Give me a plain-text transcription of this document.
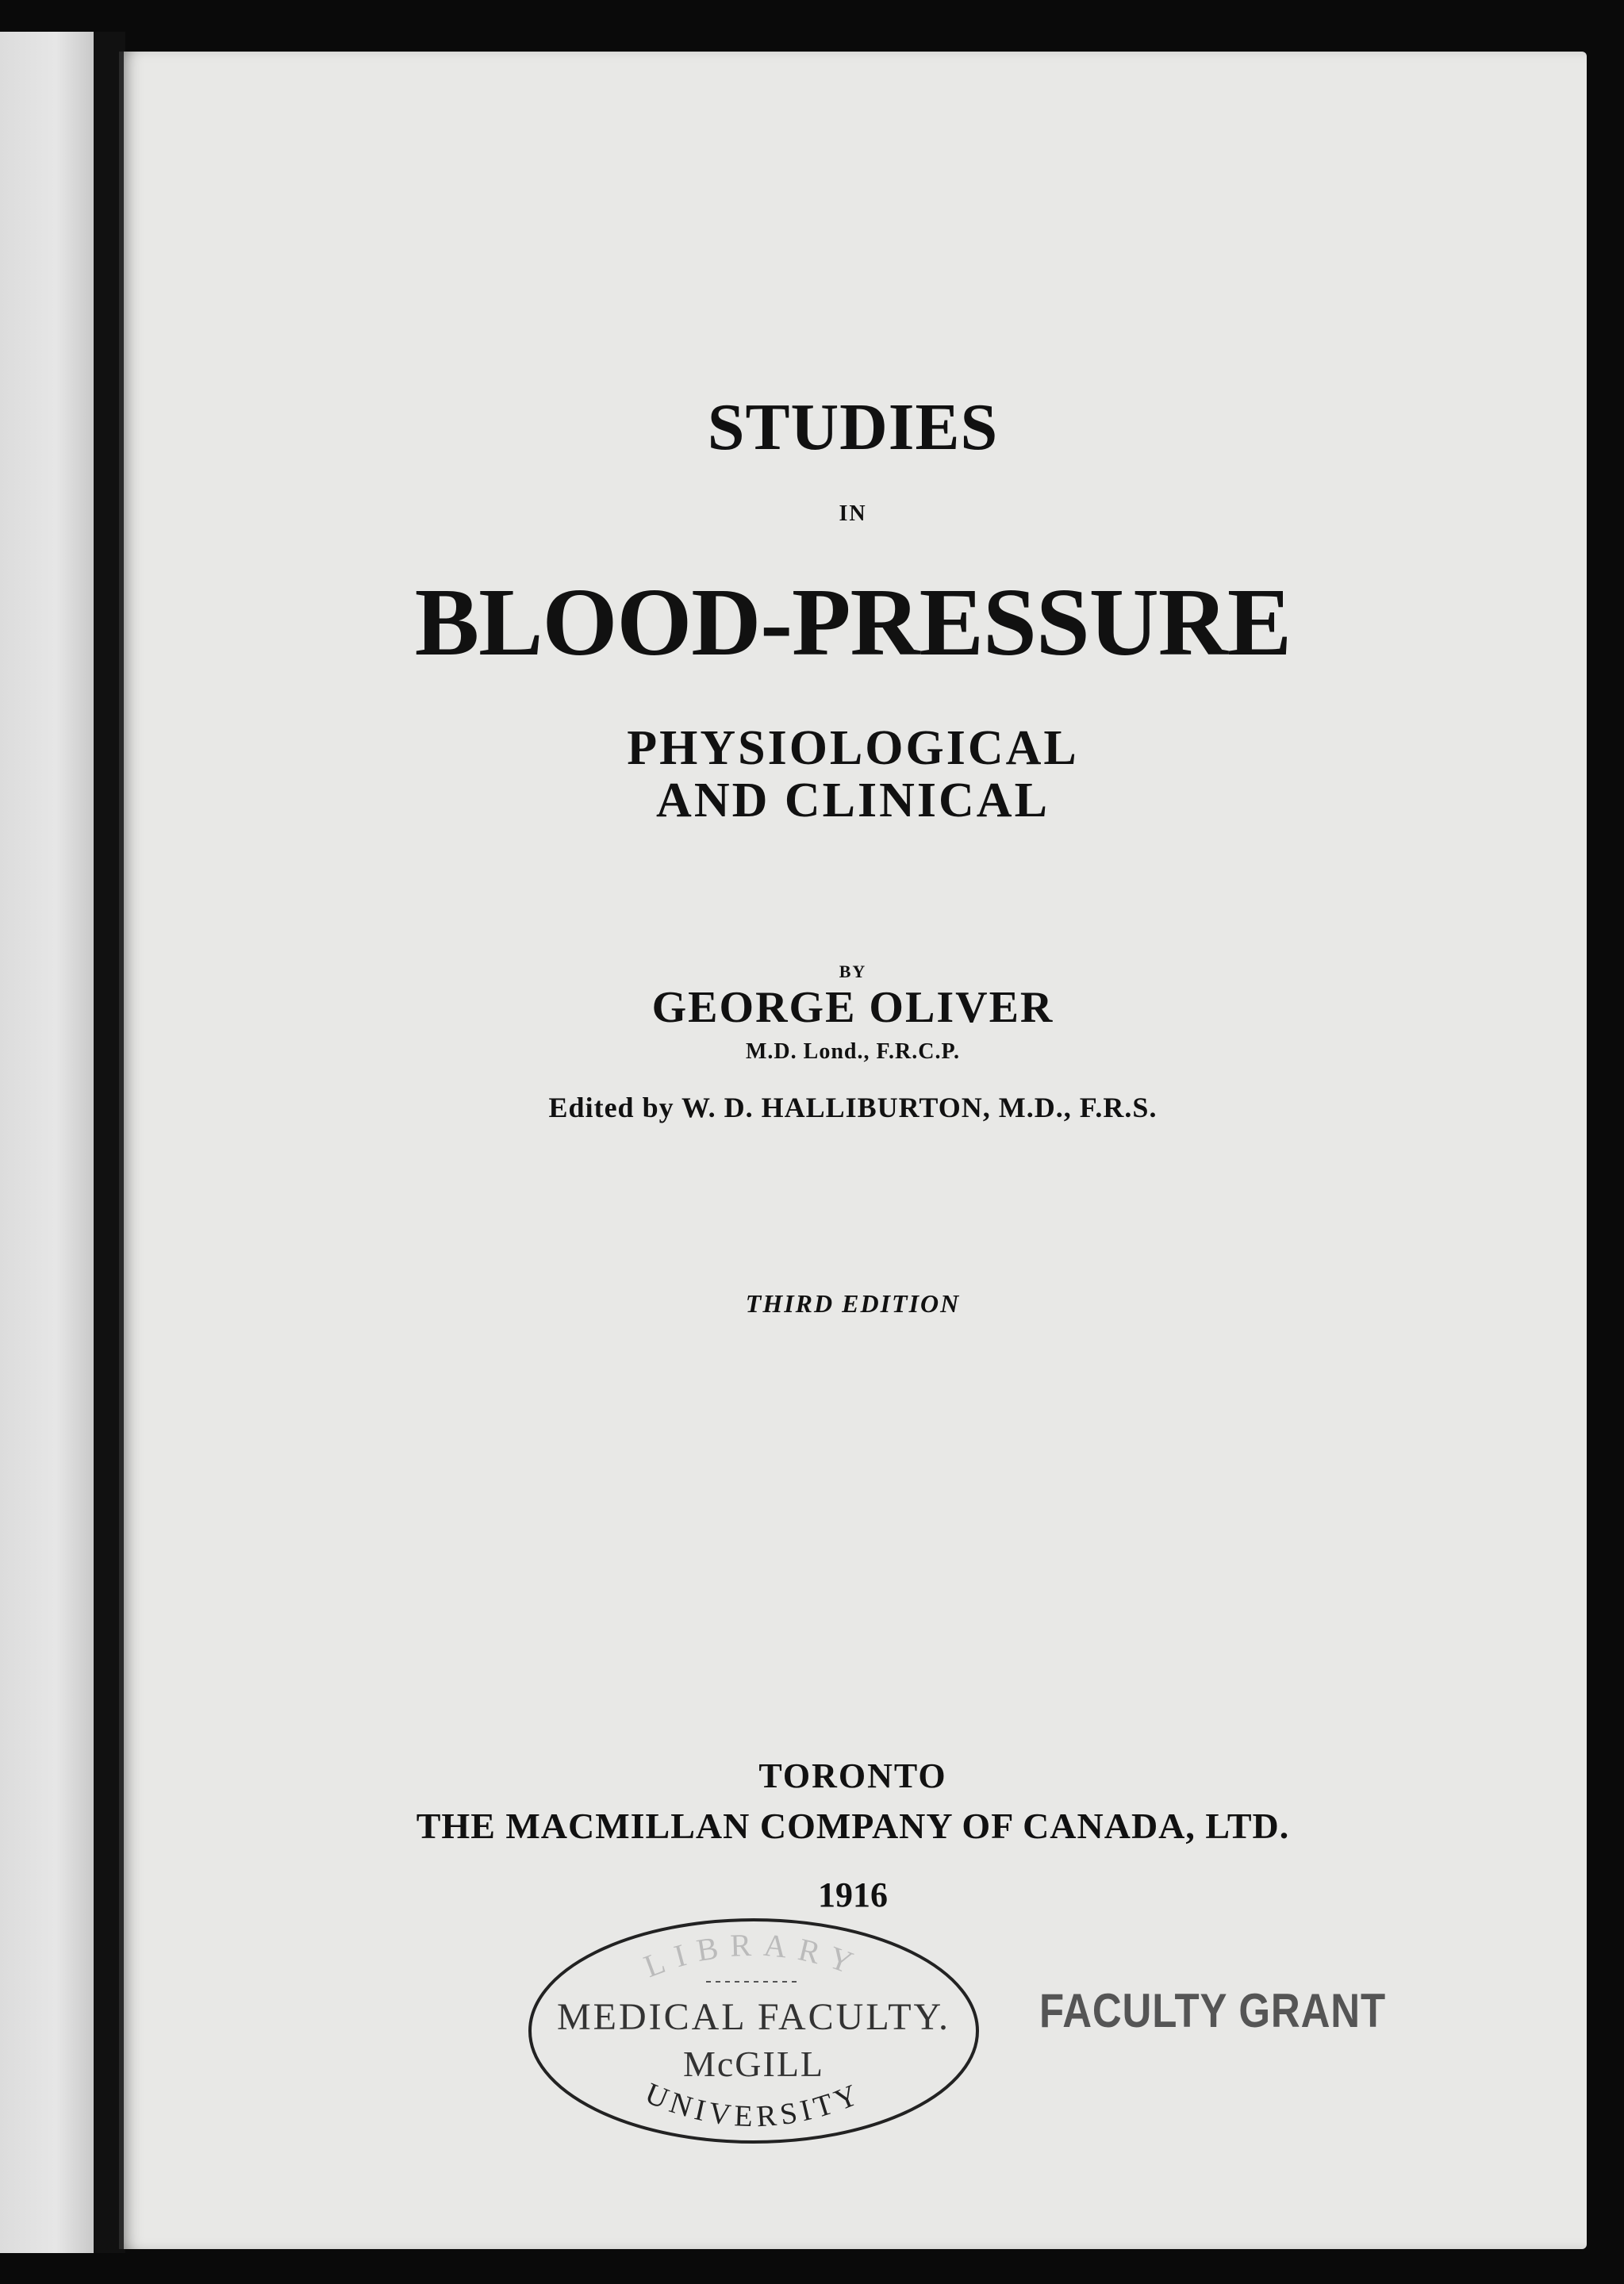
STUDIES
IN
BLOOD-PRESSURE
PHYSIOLOGICAL
AND CLINICAL
BY
GEORGE OLIVER
M.D. Lond., F.R.C.P.
Edited by W. D. HALLIBURTON, M.D., F.R.S.
THIRD EDITION
TORONTO
THE MACMILLAN COMPANY OF CANADA, LTD.
1916
LIBRARY
UNIVERSITY
MEDICAL FACULTY.
McGILL
FACULTY GRANT
